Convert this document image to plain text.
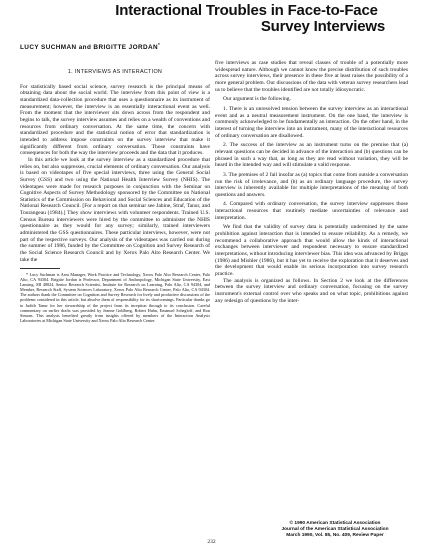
Interactional Troubles in Face-to-Face
Survey Interviews
LUCY SUCHMAN and BRIGITTE JORDAN*
1. INTERVIEWS AS INTERACTION

For statistically based social science, survey research is the principal means of obtaining data about the social world. The interview from this point of view is a standardized data-collection procedure that uses a questionnaire as its instrument of measurement; however, the interview is an essentially interactional event as well. From the moment that the interviewer sits down across from the respondent and begins to talk, the survey interview assumes and relies on a wealth of conventions and resources from ordinary conversation. At the same time, the concern with standardized procedure and the statistical notion of error that standardization is intended to address impose constraints on the survey interview that make it significantly different from ordinary conversation. Those constraints have consequences for both the way the interview proceeds and the data that it produces.

In this article we look at the survey interview as a standardized procedure that relies on, but also suppresses, crucial elements of ordinary conversation. Our analysis is based on videotapes of five special interviews, three using the General Social Survey (GSS) and two using the National Health Interview Survey (NHIS). The videotapes were made for research purposes in conjunction with the Seminar on Cognitive Aspects of Survey Methodology sponsored by the Committee on National Statistics of the Commission on Behavioral and Social Sciences and Education of the National Research Council. [For a report on that seminar see Jabine, Straf, Tanur, and Tourangeau (1984).] They show interviews with volunteer respondents. Trained U.S. Census Bureau interviewers were hired by the committee to administer the NHIS questionnaire as they would for any survey; similarly, trained interviewers administered the GSS questionnaires. These particular interviews, however, were not part of the respective surveys. Our analysis of the videotapes was carried out during the summer of 1986, funded by the Committee on Cognition and Survey Research of the Social Science Research Council and by Xerox Palo Alto Research Center. We take the

* Lucy Suchman is Area Manager, Work Practice and Technology, Xerox Palo Alto Research Center, Palo Alto, CA 94304. Brigitte Jordan is Professor, Department of Anthropology, Michigan State University, East Lansing, MI 48824, Senior Research Scientist, Institute for Research on Learning, Palo Alto, CA 94304, and Member, Research Staff, System Sciences Laboratory, Xerox Palo Alto Research Center, Palo Alto, CA 94304. The authors thank the Committee on Cognition and Survey Research for lively and productive discussions of the problems considered in this article, but absolve them of responsibility for its shortcomings. Particular thanks go to Judith Tanur for her stewardship of the project from its inception through to its conclusion. Careful commentary on earlier drafts was provided by Jeanne Goldberg, Robert Hahn, Emanuel Schegloff, and Ron Simons. This analysis benefited greatly from insights offered by members of the Interaction Analysis Laboratories at Michigan State University and Xerox Palo Alto Research Center.

five interviews as case studies that reveal classes of trouble of a potentially more widespread nature. Although we cannot know the precise distribution of such troubles across survey interviews, their presence in these five at least raises the possibility of a more general problem. Our discussions of the data with veteran survey researchers lead us to believe that the troubles identified are not totally idiosyncratic.

Our argument is the following.

1. There is an unresolved tension between the survey interview as an interactional event and as a neutral measurement instrument. On the one hand, the interview is commonly acknowledged to be fundamentally an interaction. On the other hand, in the interest of turning the interview into an instrument, many of the interactional resources of ordinary conversation are disallowed.
2. The success of the interview as an instrument turns on the premise that (a) relevant questions can be decided in advance of the interaction and (b) questions can be phrased in such a way that, as long as they are read without variation, they will be heard in the intended way and will stimulate a valid response.
3. The premises of 2 fail insofar as (a) topics that come from outside a conversation run the risk of irrelevance, and (b) as an ordinary language procedure, the survey interview is inherently available for multiple interpretations of the meaning of both questions and answers.
4. Compared with ordinary conversation, the survey interview suppresses those interactional resources that routinely mediate uncertainties of relevance and interpretation.

We find that the validity of survey data is potentially undermined by the same prohibition against interaction that is intended to ensure reliability. As a remedy, we recommend a collaborative approach that would allow the kinds of interactional exchanges between interviewer and respondent necessary to ensure standardized interpretations, without introducing interviewer bias. This idea was advanced by Briggs (1986) and Mishler (1986), but it has yet to receive the exploration that it deserves and the development that would enable its serious incorporation into survey research practice.

The analysis is organized as follows. In Section 2 we look at the differences between the survey interview and ordinary conversation, focusing on the survey instrument's external control over who speaks and on what topic, prohibitions against any redesign of questions by the inter-

© 1990 American Statistical Association
Journal of the American Statistical Association
March 1990, Vol. 85, No. 409, Review Paper
232
